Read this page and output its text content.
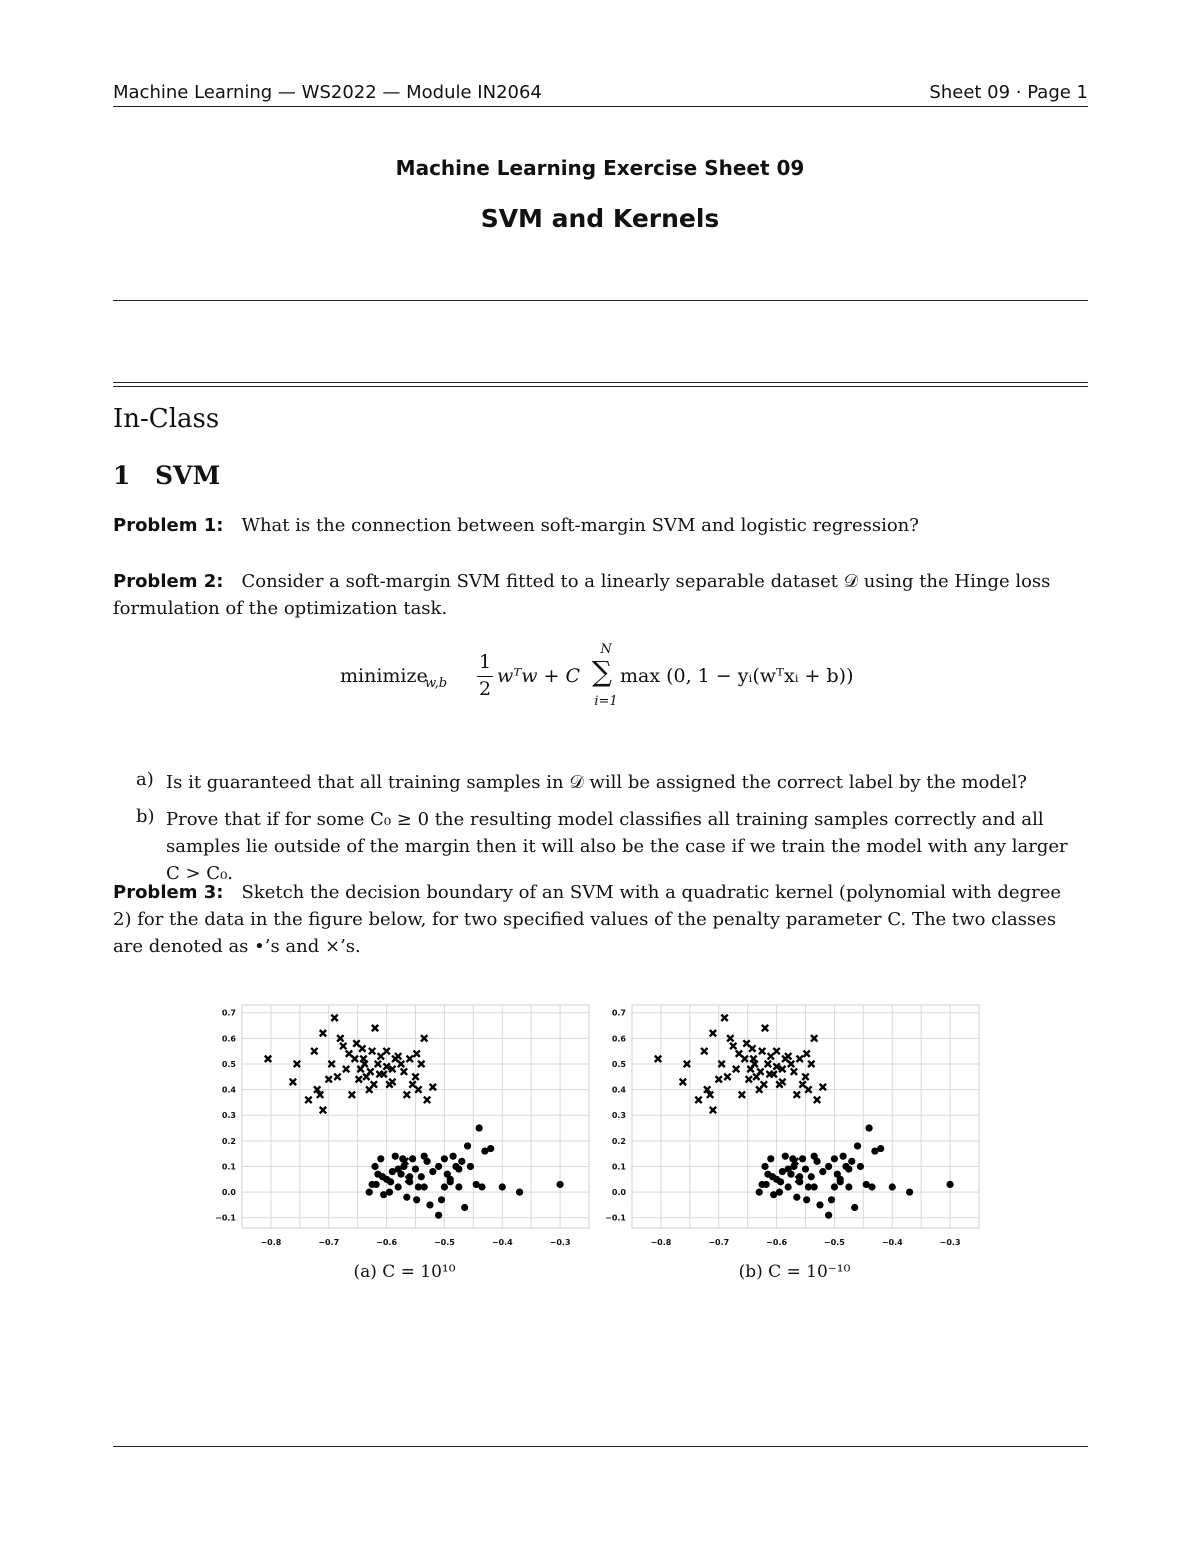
Machine Learning — WS2022 — Module IN2064	Sheet 09 · Page 1
Machine Learning Exercise Sheet 09
SVM and Kernels
In-Class
1 SVM
Problem 1: What is the connection between soft-margin SVM and logistic regression?
Problem 2: Consider a soft-margin SVM fitted to a linearly separable dataset 𝒟 using the Hinge loss
formulation of the optimization task.
minimize
w,b
1
2
wᵀw + C
N
∑
i=1
max (0, 1 − yᵢ(wᵀxᵢ + b))
a) Is it guaranteed that all training samples in 𝒟 will be assigned the correct label by the model?
b) Prove that if for some C₀ ≥ 0 the resulting model classifies all training samples correctly and all
samples lie outside of the margin then it will also be the case if we train the model with any larger
C > C₀.
Problem 3: Sketch the decision boundary of an SVM with a quadratic kernel (polynomial with degree
2) for the data in the figure below, for two specified values of the penalty parameter C. The two classes
are denoted as •’s and ×’s.
−0.8	−0.7	−0.6	−0.5	−0.4	−0.3
−0.1
0.0
0.1
0.2
0.3
0.4
0.5
0.6
0.7
(a) C = 10¹⁰
−0.8	−0.7	−0.6	−0.5	−0.4	−0.3
−0.1
0.0
0.1
0.2
0.3
0.4
0.5
0.6
0.7
(b) C = 10⁻¹⁰
